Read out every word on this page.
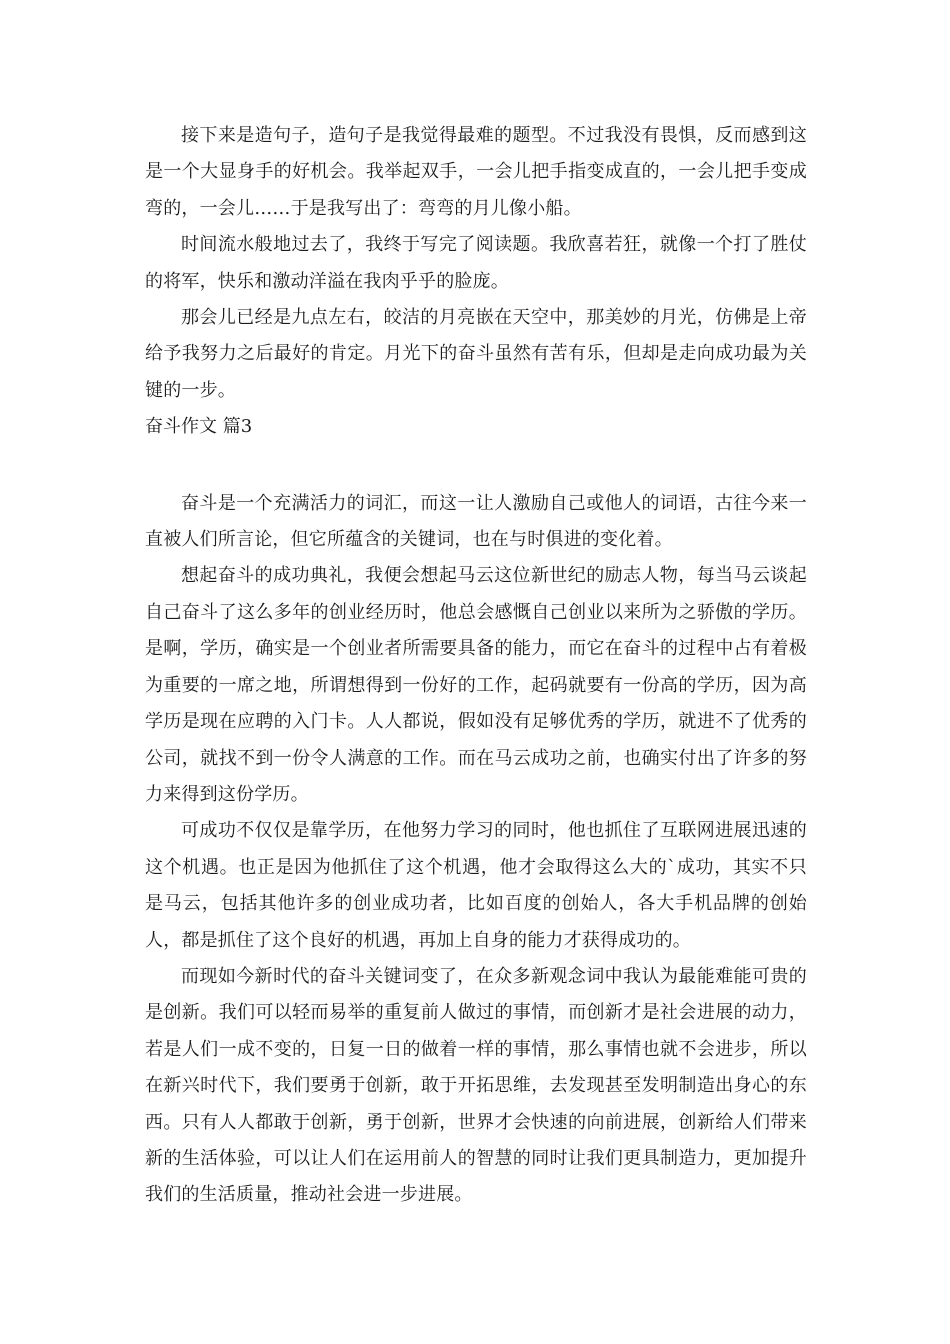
接下来是造句子，造句子是我觉得最难的题型。不过我没有畏惧，反而感到这是一个大显身手的好机会。我举起双手，一会儿把手指变成直的，一会儿把手变成弯的，一会儿……于是我写出了：弯弯的月儿像小船。

时间流水般地过去了，我终于写完了阅读题。我欣喜若狂，就像一个打了胜仗的将军，快乐和激动洋溢在我肉乎乎的脸庞。

那会儿已经是九点左右，皎洁的月亮嵌在天空中，那美妙的月光，仿佛是上帝给予我努力之后最好的肯定。月光下的奋斗虽然有苦有乐，但却是走向成功最为关键的一步。

奋斗作文 篇3

奋斗是一个充满活力的词汇，而这一让人激励自己或他人的词语，古往今来一直被人们所言论，但它所蕴含的关键词，也在与时俱进的变化着。

想起奋斗的成功典礼，我便会想起马云这位新世纪的励志人物，每当马云谈起自己奋斗了这么多年的创业经历时，他总会感慨自己创业以来所为之骄傲的学历。是啊，学历，确实是一个创业者所需要具备的能力，而它在奋斗的过程中占有着极为重要的一席之地，所谓想得到一份好的工作，起码就要有一份高的学历，因为高学历是现在应聘的入门卡。人人都说，假如没有足够优秀的学历，就进不了优秀的公司，就找不到一份令人满意的工作。而在马云成功之前，也确实付出了许多的努力来得到这份学历。

可成功不仅仅是靠学历，在他努力学习的同时，他也抓住了互联网进展迅速的这个机遇。也正是因为他抓住了这个机遇，他才会取得这么大的`成功，其实不只是马云，包括其他许多的创业成功者，比如百度的创始人，各大手机品牌的创始人，都是抓住了这个良好的机遇，再加上自身的能力才获得成功的。

而现如今新时代的奋斗关键词变了，在众多新观念词中我认为最能难能可贵的是创新。我们可以轻而易举的重复前人做过的事情，而创新才是社会进展的动力，若是人们一成不变的，日复一日的做着一样的事情，那么事情也就不会进步，所以在新兴时代下，我们要勇于创新，敢于开拓思维，去发现甚至发明制造出身心的东西。只有人人都敢于创新，勇于创新，世界才会快速的向前进展，创新给人们带来新的生活体验，可以让人们在运用前人的智慧的同时让我们更具制造力，更加提升我们的生活质量，推动社会进一步进展。
